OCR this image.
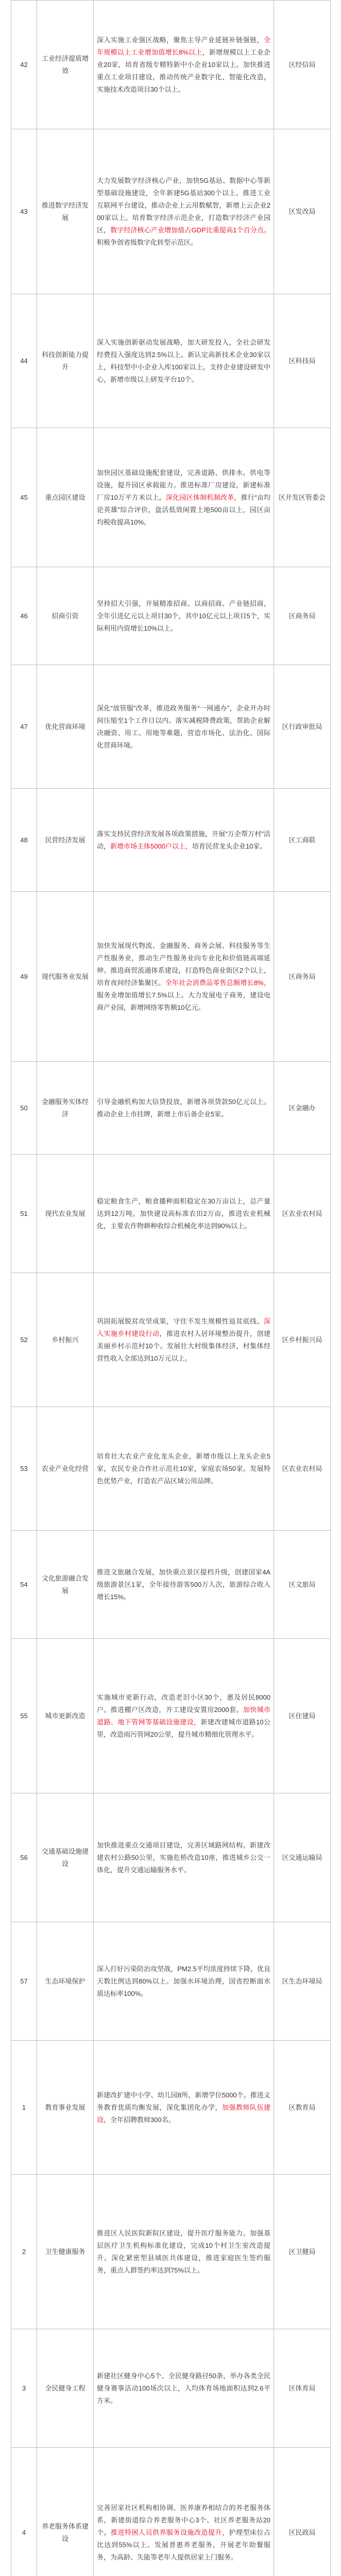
42	工业经济提质增效	深入实施工业强区战略，聚焦主导产业延链补链强链，全年规模以上工业增加值增长8%以上，新增规模以上工业企业20家，培育省级专精特新中小企业10家以上。加快推进重点工业项目建设，推动传统产业数字化、智能化改造，实施技术改造项目30个以上。	区经信局
43	推进数字经济发展	大力发展数字经济核心产业，加快5G基站、数据中心等新型基础设施建设，全年新建5G基站300个以上。推进工业互联网平台建设，推动企业上云用数赋智，新增上云企业200家以上。培育数字经济示范企业，打造数字经济产业园区，数字经济核心产业增加值占GDP比重提高1个百分点。积极争创省级数字化转型示范区。	区发改局
44	科技创新能力提升	深入实施创新驱动发展战略，加大研发投入，全社会研发经费投入强度达到2.5%以上。新认定高新技术企业30家以上，科技型中小企业入库100家以上。支持企业建设研发中心，新增市级以上研发平台10个。	区科技局
45	重点园区建设	加快园区基础设施配套建设，完善道路、供排水、供电等设施，提升园区承载能力。推进标准厂房建设，新建标准厂房10万平方米以上。深化园区体制机制改革，推行“亩均论英雄”综合评价，盘活低效闲置土地500亩以上，园区亩均税收提高10%。	区开发区管委会
46	招商引资	坚持招大引强，开展精准招商、以商招商、产业链招商，全年引进亿元以上项目30个，其中10亿元以上项目5个，实际利用内资增长10%以上。	区商务局
47	优化营商环境	深化“放管服”改革，推进政务服务“一网通办”，企业开办时间压缩至1个工作日以内。落实减税降费政策，帮助企业解决融资、用工、用地等难题，营造市场化、法治化、国际化营商环境。	区行政审批局
48	民营经济发展	落实支持民营经济发展各项政策措施，开展“万企帮万村”活动，新增市场主体5000户以上，培育民营龙头企业10家。	区工商联
49	现代服务业发展	加快发展现代物流、金融服务、商务会展、科技服务等生产性服务业，推动生产性服务业向专业化和价值链高端延伸。推进商贸流通体系建设，打造特色商业街区2个以上，培育夜间经济集聚区。全年社会消费品零售总额增长8%，服务业增加值增长7.5%以上。大力发展电子商务，建设电商产业园，新增网络零售额10亿元。	区商务局
50	金融服务实体经济	引导金融机构加大信贷投放，新增各项贷款50亿元以上。推动企业上市挂牌，新增上市后备企业5家。	区金融办
51	现代农业发展	稳定粮食生产，粮食播种面积稳定在30万亩以上，总产量达到12万吨。加快建设高标准农田2万亩，推进农业机械化，主要农作物耕种收综合机械化率达到90%以上。	区农业农村局
52	乡村振兴	巩固拓展脱贫攻坚成果，守住不发生规模性返贫底线。深入实施乡村建设行动，推进农村人居环境整治提升，创建美丽乡村示范村10个。发展壮大村级集体经济，村集体经营性收入全部达到10万元以上。	区乡村振兴局
53	农业产业化经营	培育壮大农业产业化龙头企业，新增市级以上龙头企业5家，农民专业合作社示范社10家，家庭农场50家。发展特色优势产业，打造农产品区域公用品牌。	区农业农村局
54	文化旅游融合发展	推进文旅融合发展，加快重点景区提档升级，创建国家4A级旅游景区1家，全年接待游客500万人次，旅游综合收入增长15%。	区文旅局
55	城市更新改造	实施城市更新行动，改造老旧小区30个，惠及居民8000户。推进棚户区改造，开工建设安置房2000套。加快城市道路、地下管网等基础设施建设，新建改建城市道路10公里，改造雨污管网20公里，提升城市精细化管理水平。	区住建局
56	交通基础设施建设	加快推进重点交通项目建设，完善区域路网结构。新建改建农村公路50公里，实施危桥改造10座，推进城乡公交一体化，提升交通运输服务水平。	区交通运输局
57	生态环境保护	深入打好污染防治攻坚战，PM2.5平均浓度持续下降，优良天数比例达到80%以上。加强水环境治理，国省控断面水质达标率100%。	区生态环境局
1	教育事业发展	新建改扩建中小学、幼儿园8所，新增学位5000个。推进义务教育优质均衡发展，深化集团化办学，加强教师队伍建设，全年招聘教师300名。	区教育局
2	卫生健康服务	推进区人民医院新院区建设，提升医疗服务能力。加强基层医疗卫生机构标准化建设，完成10个村卫生室改造提升。深化紧密型县域医共体建设，推进家庭医生签约服务，重点人群签约率达到75%以上。	区卫健局
3	全民健身工程	新建社区健身中心5个、全民健身路径50条，举办各类全民健身赛事活动100场次以上，人均体育场地面积达到2.6平方米。	区体育局
4	养老服务体系建设	完善居家社区机构相协调、医养康养相结合的养老服务体系，新建街道综合养老服务中心3个、社区养老服务站20个。推进特困人员供养服务设施改造提升，护理型床位占比达到55%以上。发展普惠养老服务，开展老年助餐服务，为高龄、失能等老年人提供居家上门服务。	区民政局
